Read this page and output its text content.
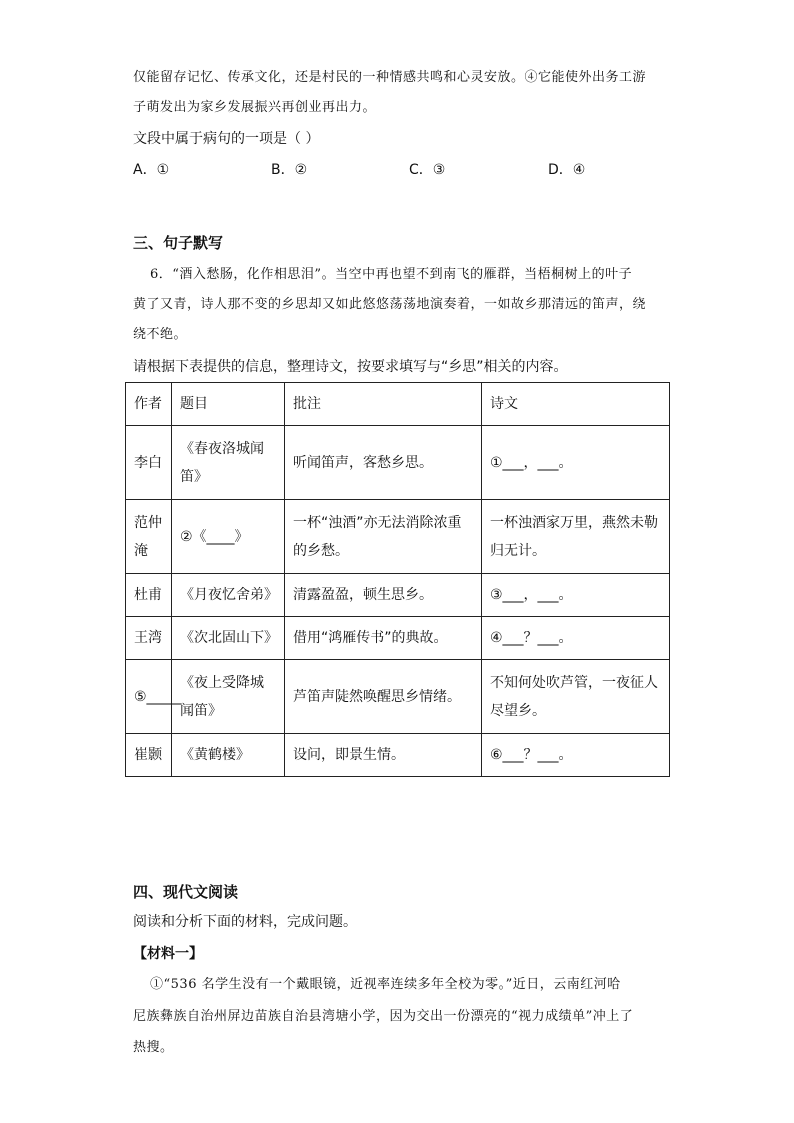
仅能留存记忆、传承文化，还是村民的一种情感共鸣和心灵安放。④它能使外出务工游

子萌发出为家乡发展振兴再创业再出力。

文段中属于病句的一项是（ ）

A．①	B．②	C．③	D．④

三、句子默写

6．“酒入愁肠，化作相思泪”。当空中再也望不到南飞的雁群，当梧桐树上的叶子

黄了又青，诗人那不变的乡思却又如此悠悠荡荡地演奏着，一如故乡那清远的笛声，绕

绕不绝。

请根据下表提供的信息，整理诗文，按要求填写与“乡思”相关的内容。

作者	题目	批注	诗文
李白	《春夜洛城闻笛》	听闻笛声，客愁乡思。	①___，___。
范仲淹	②《____》	一杯“浊酒”亦无法消除浓重的乡愁。	一杯浊酒家万里，燕然未勒归无计。
杜甫	《月夜忆舍弟》	清露盈盈，顿生思乡。	③___，___。
王湾	《次北固山下》	借用“鸿雁传书”的典故。	④___？___。
⑤_____	《夜上受降城闻笛》	芦笛声陡然唤醒思乡情绪。	不知何处吹芦管，一夜征人尽望乡。
崔颢	《黄鹤楼》	设问，即景生情。	⑥___？___。

四、现代文阅读

阅读和分析下面的材料，完成问题。

【材料一】

①“536 名学生没有一个戴眼镜，近视率连续多年全校为零。”近日，云南红河哈

尼族彝族自治州屏边苗族自治县湾塘小学，因为交出一份漂亮的“视力成绩单”冲上了

热搜。
